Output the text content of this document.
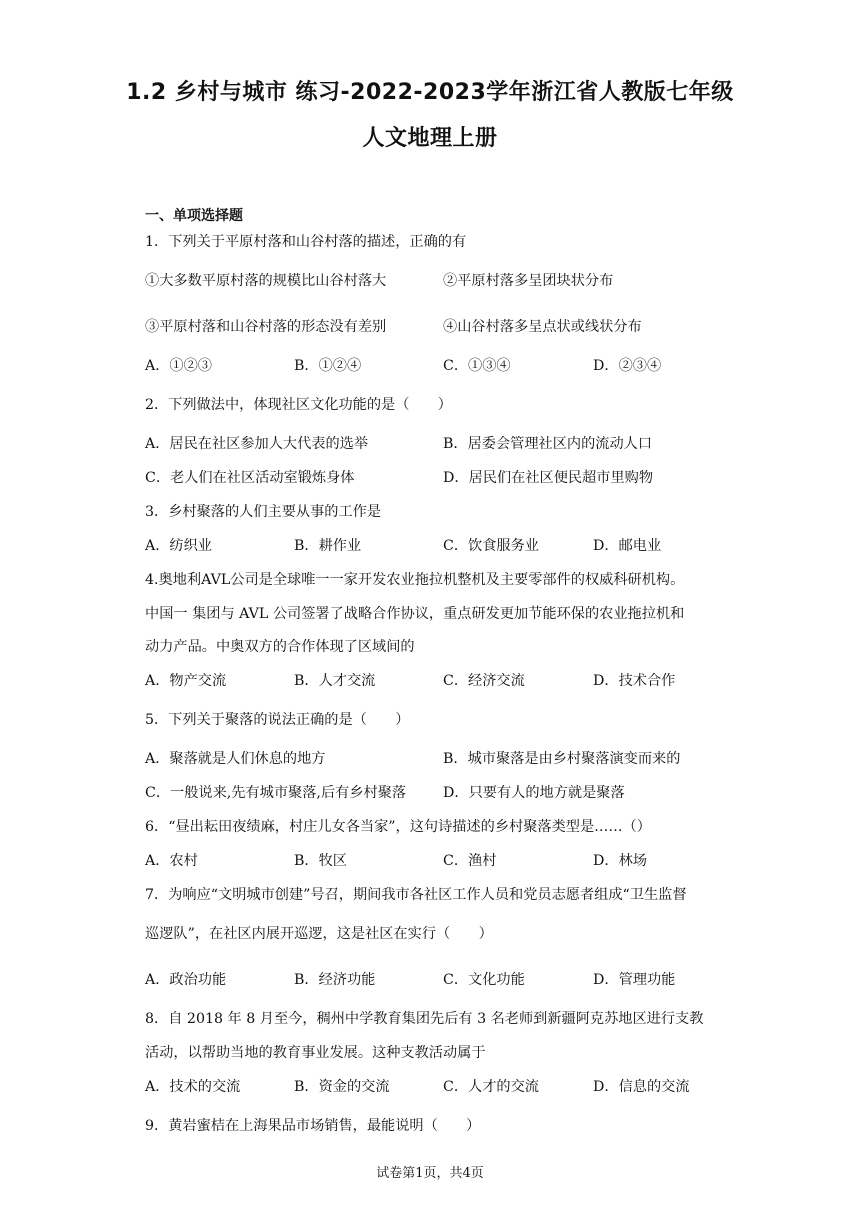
1.2 乡村与城市 练习-2022-2023学年浙江省人教版七年级
人文地理上册
一、单项选择题
1．下列关于平原村落和山谷村落的描述，正确的有
①大多数平原村落的规模比山谷村落大	②平原村落多呈团块状分布
③平原村落和山谷村落的形态没有差别	④山谷村落多呈点状或线状分布
A．①②③	B．①②④	C．①③④	D．②③④
2．下列做法中，体现社区文化功能的是（　　）
A．居民在社区参加人大代表的选举	B．居委会管理社区内的流动人口
C．老人们在社区活动室锻炼身体	D．居民们在社区便民超市里购物
3．乡村聚落的人们主要从事的工作是
A．纺织业	B．耕作业	C．饮食服务业	D．邮电业
4.奥地利AVL公司是全球唯一一家开发农业拖拉机整机及主要零部件的权威科研机构。
中国一 集团与 AVL 公司签署了战略合作协议，重点研发更加节能环保的农业拖拉机和
动力产品。中奥双方的合作体现了区域间的
A．物产交流	B．人才交流	C．经济交流	D．技术合作
5．下列关于聚落的说法正确的是（　　）
A．聚落就是人们休息的地方	B．城市聚落是由乡村聚落演变而来的
C．一般说来,先有城市聚落,后有乡村聚落	D．只要有人的地方就是聚落
6．“昼出耘田夜绩麻，村庄儿女各当家”，这句诗描述的乡村聚落类型是……（）
A．农村	B．牧区	C．渔村	D．林场
7．为响应“文明城市创建”号召，期间我市各社区工作人员和党员志愿者组成“卫生监督
巡逻队”，在社区内展开巡逻，这是社区在实行（　　）
A．政治功能	B．经济功能	C．文化功能	D．管理功能
8．自 2018 年 8 月至今，稠州中学教育集团先后有 3 名老师到新疆阿克苏地区进行支教
活动，以帮助当地的教育事业发展。这种支教活动属于
A．技术的交流	B．资金的交流	C．人才的交流	D．信息的交流
9．黄岩蜜桔在上海果品市场销售，最能说明（　　）
试卷第1页，共4页
